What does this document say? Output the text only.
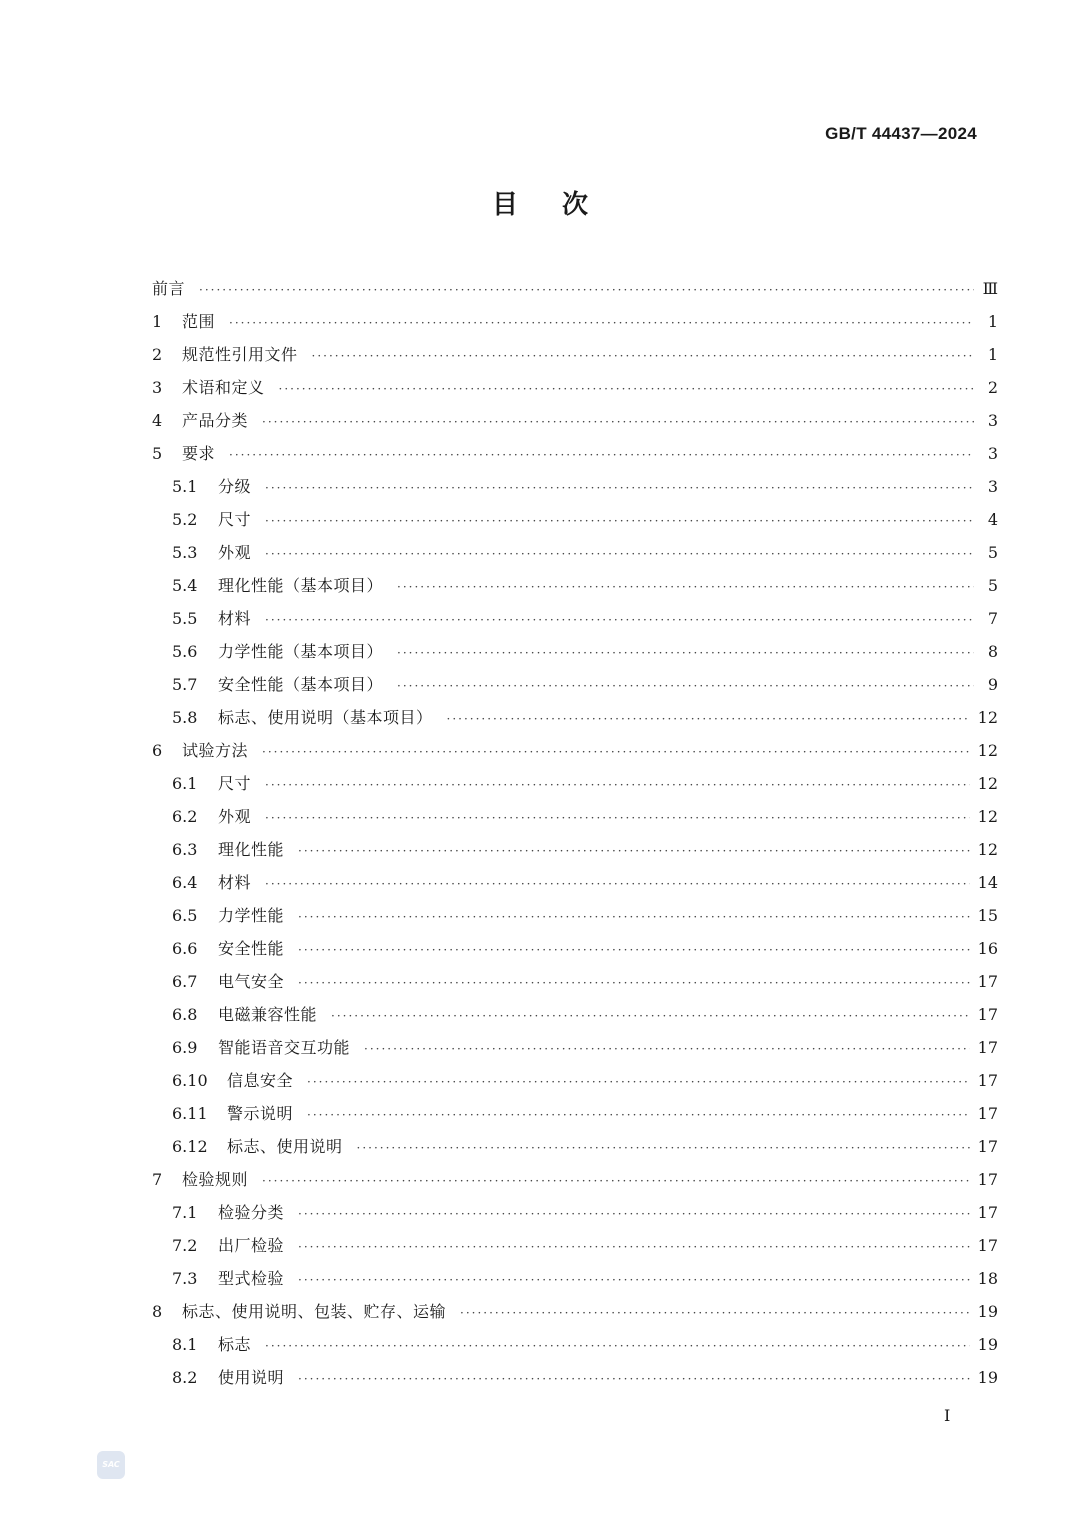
GB/T 44437—2024
目 次
前言 ·····	Ⅲ
1	范围 ·····	1
2	规范性引用文件 ·····	1
3	术语和定义 ·····	2
4	产品分类 ·····	3
5	要求 ·····	3
5.1	分级 ·····	3
5.2	尺寸 ·····	4
5.3	外观 ·····	5
5.4	理化性能（基本项目） ·····	5
5.5	材料 ·····	7
5.6	力学性能（基本项目） ·····	8
5.7	安全性能（基本项目） ·····	9
5.8	标志、使用说明（基本项目） ·····	12
6	试验方法 ·····	12
6.1	尺寸 ·····	12
6.2	外观 ·····	12
6.3	理化性能 ·····	12
6.4	材料 ·····	14
6.5	力学性能 ·····	15
6.6	安全性能 ·····	16
6.7	电气安全 ·····	17
6.8	电磁兼容性能 ·····	17
6.9	智能语音交互功能 ·····	17
6.10	信息安全 ·····	17
6.11	警示说明 ·····	17
6.12	标志、使用说明 ·····	17
7	检验规则 ·····	17
7.1	检验分类 ·····	17
7.2	出厂检验 ·····	17
7.3	型式检验 ·····	18
8	标志、使用说明、包装、贮存、运输 ·····	19
8.1	标志 ·····	19
8.2	使用说明 ·····	19
I
SAC
